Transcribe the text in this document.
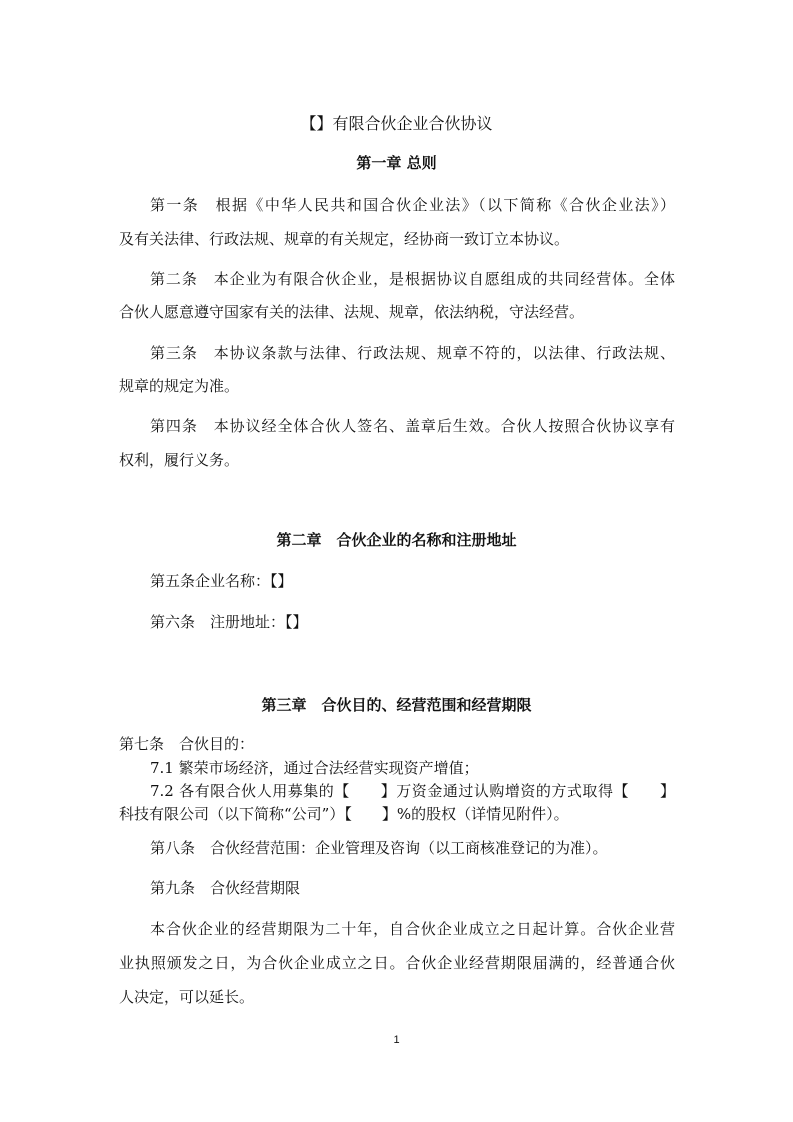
【】有限合伙企业合伙协议

第一章 总则

第一条　根据《中华人民共和国合伙企业法》（以下简称《合伙企业法》）

及有关法律、行政法规、规章的有关规定，经协商一致订立本协议。

第二条　本企业为有限合伙企业，是根据协议自愿组成的共同经营体。全体

合伙人愿意遵守国家有关的法律、法规、规章，依法纳税，守法经营。

第三条　本协议条款与法律、行政法规、规章不符的，以法律、行政法规、

规章的规定为准。

第四条　本协议经全体合伙人签名、盖章后生效。合伙人按照合伙协议享有

权利，履行义务。

第二章　合伙企业的名称和注册地址

第五条企业名称：【】

第六条　注册地址：【】

第三章　合伙目的、经营范围和经营期限

第七条　合伙目的：

7.1 繁荣市场经济，通过合法经营实现资产增值；

7.2 各有限合伙人用募集的【　　】万资金通过认购增资的方式取得【　　】

科技有限公司（以下简称“公司”）【　　】%的股权（详情见附件）。

第八条　合伙经营范围：企业管理及咨询（以工商核准登记的为准）。

第九条　合伙经营期限

本合伙企业的经营期限为二十年，自合伙企业成立之日起计算。合伙企业营

业执照颁发之日，为合伙企业成立之日。合伙企业经营期限届满的，经普通合伙

人决定，可以延长。

1
